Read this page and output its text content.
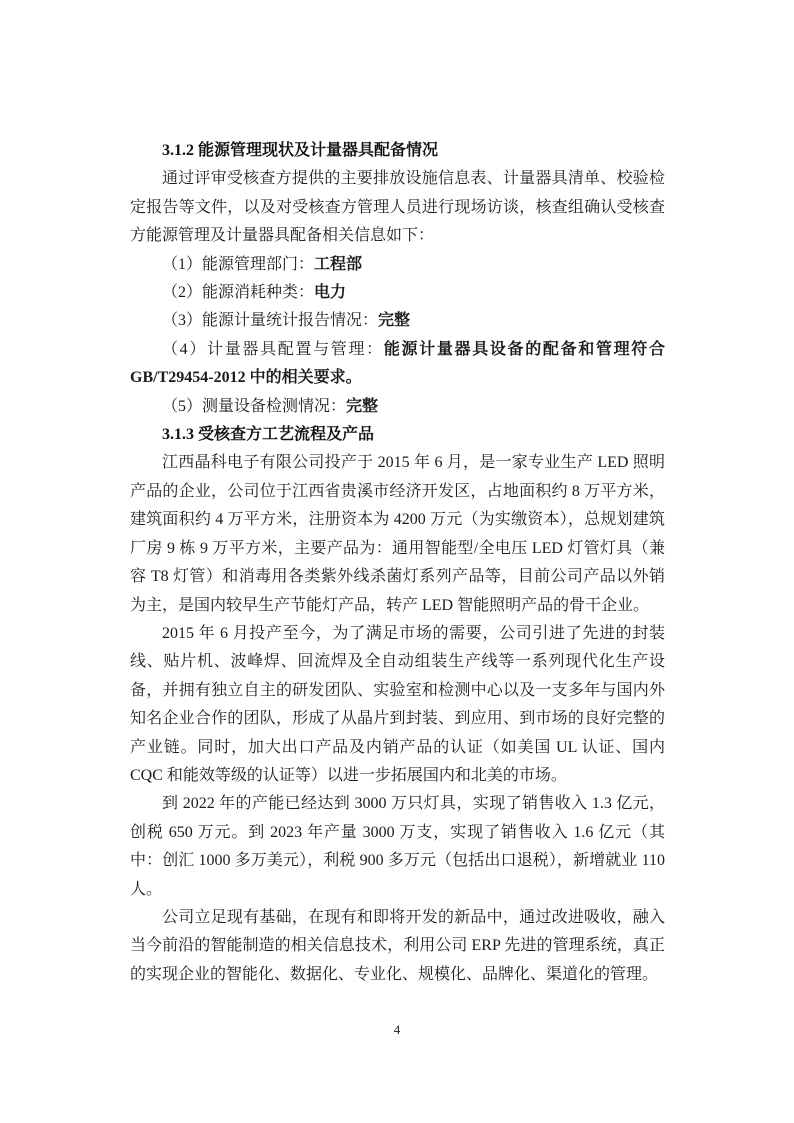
3.1.2 能源管理现状及计量器具配备情况

通过评审受核查方提供的主要排放设施信息表、计量器具清单、校验检定报告等文件，以及对受核查方管理人员进行现场访谈，核查组确认受核查方能源管理及计量器具配备相关信息如下：

（1）能源管理部门：工程部

（2）能源消耗种类：电力

（3）能源计量统计报告情况：完整

（4）计量器具配置与管理：能源计量器具设备的配备和管理符合 GB/T29454-2012 中的相关要求。

（5）测量设备检测情况：完整

3.1.3 受核查方工艺流程及产品

江西晶科电子有限公司投产于 2015 年 6 月，是一家专业生产 LED 照明产品的企业，公司位于江西省贵溪市经济开发区，占地面积约 8 万平方米，建筑面积约 4 万平方米，注册资本为 4200 万元（为实缴资本），总规划建筑厂房 9 栋 9 万平方米，主要产品为：通用智能型/全电压 LED 灯管灯具（兼容 T8 灯管）和消毒用各类紫外线杀菌灯系列产品等，目前公司产品以外销为主，是国内较早生产节能灯产品，转产 LED 智能照明产品的骨干企业。

2015 年 6 月投产至今，为了满足市场的需要，公司引进了先进的封装线、贴片机、波峰焊、回流焊及全自动组装生产线等一系列现代化生产设备，并拥有独立自主的研发团队、实验室和检测中心以及一支多年与国内外知名企业合作的团队，形成了从晶片到封装、到应用、到市场的良好完整的产业链。同时，加大出口产品及内销产品的认证（如美国 UL 认证、国内 CQC 和能效等级的认证等）以进一步拓展国内和北美的市场。

到 2022 年的产能已经达到 3000 万只灯具，实现了销售收入 1.3 亿元，创税 650 万元。到 2023 年产量 3000 万支，实现了销售收入 1.6 亿元（其中：创汇 1000 多万美元），利税 900 多万元（包括出口退税），新增就业 110 人。

公司立足现有基础，在现有和即将开发的新品中，通过改进吸收，融入当今前沿的智能制造的相关信息技术，利用公司 ERP 先进的管理系统，真正的实现企业的智能化、数据化、专业化、规模化、品牌化、渠道化的管理。

4
